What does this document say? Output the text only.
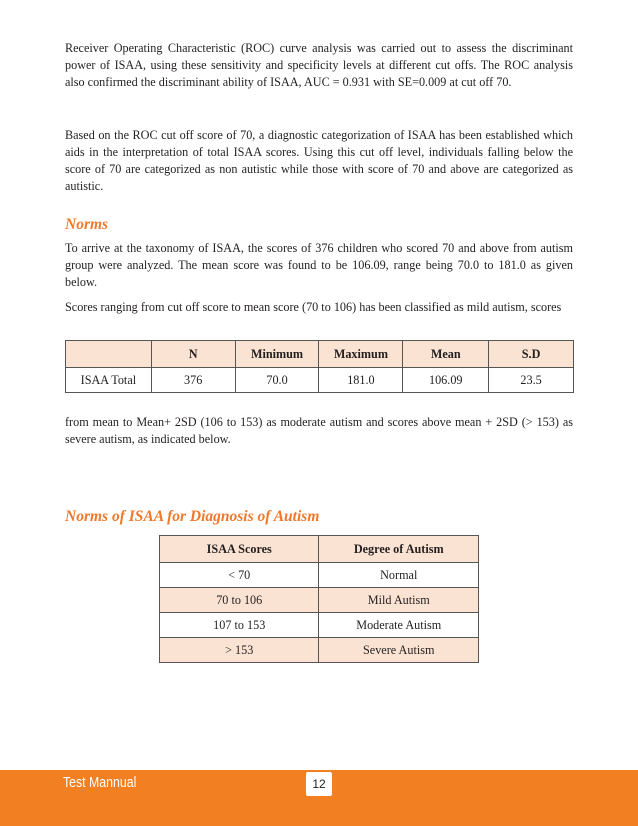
Receiver Operating Characteristic (ROC) curve analysis was carried out to assess the discriminant power of ISAA, using these sensitivity and specificity levels at different cut offs. The ROC analysis also confirmed the discriminant ability of ISAA, AUC = 0.931 with SE=0.009 at cut off 70.

Based on the ROC cut off score of 70, a diagnostic categorization of ISAA has been established which aids in the interpretation of total ISAA scores. Using this cut off level, individuals falling below the score of 70 are categorized as non autistic while those with score of 70 and above are categorized as autistic.

Norms

To arrive at the taxonomy of ISAA, the scores of 376 children who scored 70 and above from autism group were analyzed. The mean score was found to be 106.09, range being 70.0 to 181.0 as given below.

Scores ranging from cut off score to mean score (70 to 106) has been classified as mild autism, scores

	N	Minimum	Maximum	Mean	S.D
ISAA Total	376	70.0	181.0	106.09	23.5

from mean to Mean+ 2SD (106 to 153) as moderate autism and scores above mean + 2SD (> 153) as severe autism, as indicated below.

Norms of ISAA for Diagnosis of Autism
ISAA Scores	Degree of Autism
< 70	Normal
70 to 106	Mild Autism
107 to 153	Moderate Autism
> 153	Severe Autism
Test Mannual	12
